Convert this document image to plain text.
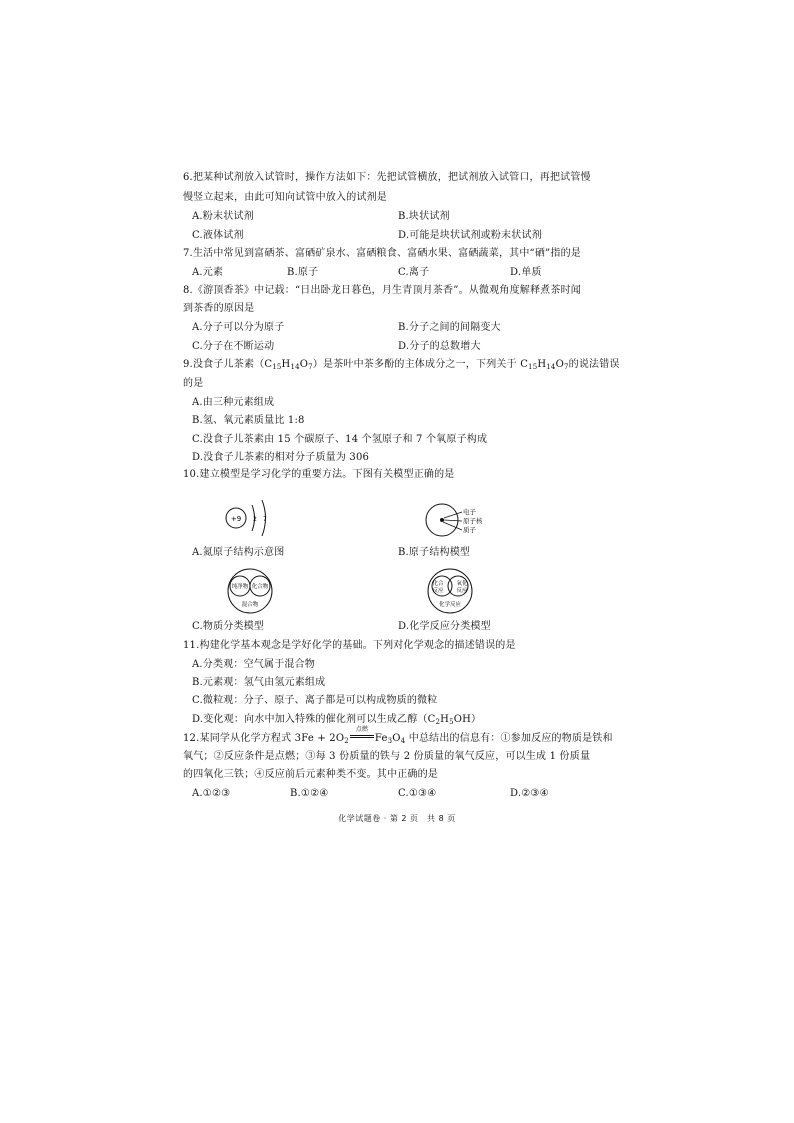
6.把某种试剂放入试管时，操作方法如下：先把试管横放，把试剂放入试管口，再把试管慢
慢竖立起来，由此可知向试管中放入的试剂是
A.粉末状试剂	B.块状试剂
C.液体试剂	D.可能是块状试剂或粉末状试剂
7.生活中常见到富硒茶、富硒矿泉水、富硒粮食、富硒水果、富硒蔬菜，其中“硒”指的是
A.元素	B.原子	C.离子	D.单质
8.《游顶香茶》中记载：“日出卧龙日暮色，月生青顶月茶香”。从微观角度解释煮茶时闻
到茶香的原因是
A.分子可以分为原子	B.分子之间的间隔变大
C.分子在不断运动	D.分子的总数增大
9.没食子儿茶素$(C_{15}H_{14}O_7)$是茶叶中茶多酚的主体成分之一，下列关于 $C_{15}H_{14}O_7$的说法错误
的是
A.由三种元素组成
B.氢、氧元素质量比 1:8
C.没食子儿茶素由 15 个碳原子、14 个氢原子和 7 个氧原子构成
D.没食子儿茶素的相对分子质量为 306
10.建立模型是学习化学的重要方法。下图有关模型正确的是
+9 2 7
A.氮原子结构示意图
电子
原子核
质子
B.原子结构模型
纯净物 化合物
混合物
C.物质分类模型
化合
反应
氧化
反应
化学反应
D.化学反应分类模型
11.构建化学基本观念是学好化学的基础。下列对化学观念的描述错误的是
A.分类观：空气属于混合物
B.元素观：氢气由氢元素组成
C.微粒观：分子、原子、离子都是可以构成物质的微粒
D.变化观：向水中加入特殊的催化剂可以生成乙醇$(C_2H_5OH)$
12.某同学从化学方程式 $3Fe + 2O_2$
点燃
$Fe_3O_4$ 中总结出的信息有：①参加反应的物质是铁和
氧气；②反应条件是点燃；③每 3 份质量的铁与 2 份质量的氧气反应，可以生成 1 份质量
的四氧化三铁；④反应前后元素种类不变。其中正确的是
A.①②③	B.①②④	C.①③④	D.②③④
化学试题卷 · 第 2 页　共 8 页
